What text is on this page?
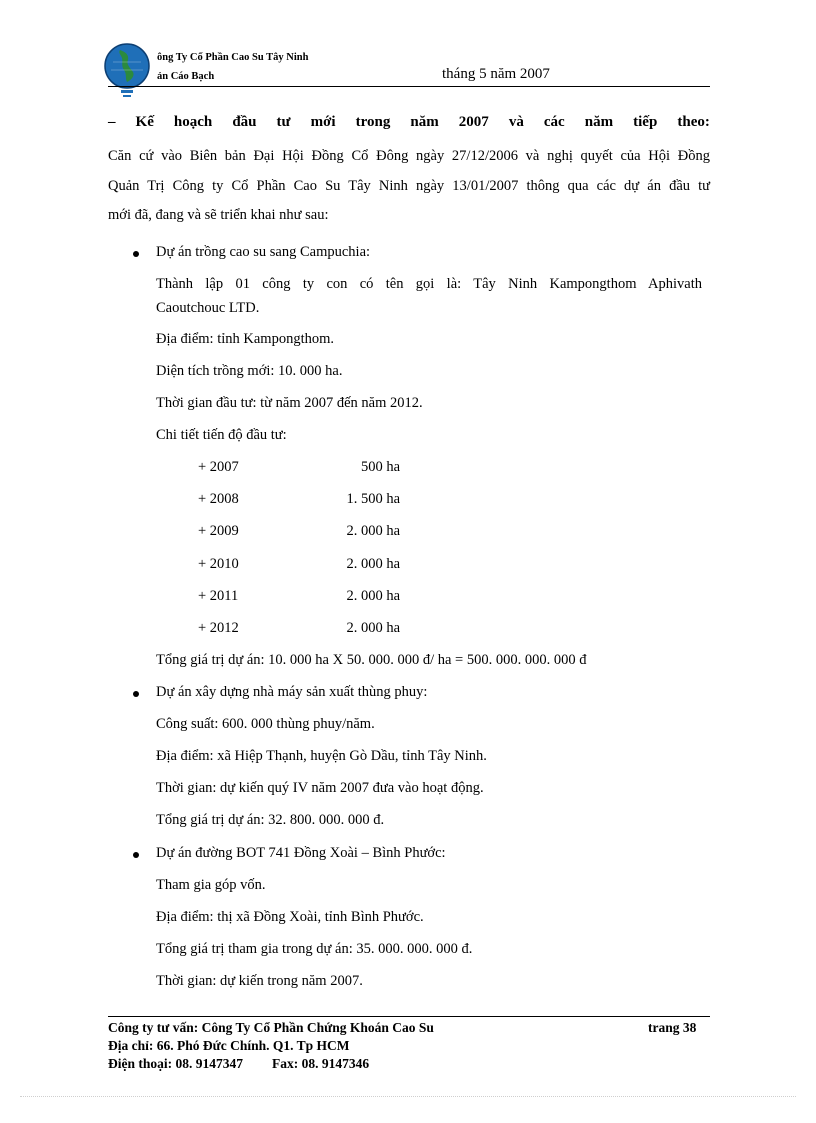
ông Ty Cổ Phần Cao Su Tây Ninh
ản Cáo Bạch	tháng 5 năm 2007
– Kế hoạch đầu tư mới trong năm 2007 và các năm tiếp theo:
Căn cứ vào Biên bản Đại Hội Đồng Cổ Đông ngày 27/12/2006 và nghị quyết của Hội Đồng
Quản Trị Công ty Cổ Phần Cao Su Tây Ninh ngày 13/01/2007 thông qua các dự án đầu tư
mới đã, đang và sẽ triển khai như sau:
Dự án trồng cao su sang Campuchia:
Thành lập 01 công ty con có tên gọi là: Tây Ninh Kampongthom Aphivath
Caoutchouc LTD.
Địa điểm: tỉnh Kampongthom.
Diện tích trồng mới: 10. 000 ha.
Thời gian đầu tư: từ năm 2007 đến năm 2012.
Chi tiết tiến độ đầu tư:
+ 2007	500 ha
+ 2008	1. 500 ha
+ 2009	2. 000 ha
+ 2010	2. 000 ha
+ 2011	2. 000 ha
+ 2012	2. 000 ha
Tổng giá trị dự án: 10. 000 ha X 50. 000. 000 đ/ ha = 500. 000. 000. 000 đ
Dự án xây dựng nhà máy sản xuất thùng phuy:
Công suất: 600. 000 thùng phuy/năm.
Địa điểm: xã Hiệp Thạnh, huyện Gò Dầu, tỉnh Tây Ninh.
Thời gian: dự kiến quý IV năm 2007 đưa vào hoạt động.
Tổng giá trị dự án: 32. 800. 000. 000 đ.
Dự án đường BOT 741 Đồng Xoài – Bình Phước:
Tham gia góp vốn.
Địa điểm: thị xã Đồng Xoài, tỉnh Bình Phước.
Tổng giá trị tham gia trong dự án: 35. 000. 000. 000 đ.
Thời gian: dự kiến trong năm 2007.
Công ty tư vấn: Công Ty Cổ Phần Chứng Khoán Cao Su	trang 38
Địa chỉ: 66. Phó Đức Chính. Q1. Tp HCM
Điện thoại: 08. 9147347 Fax: 08. 9147346
